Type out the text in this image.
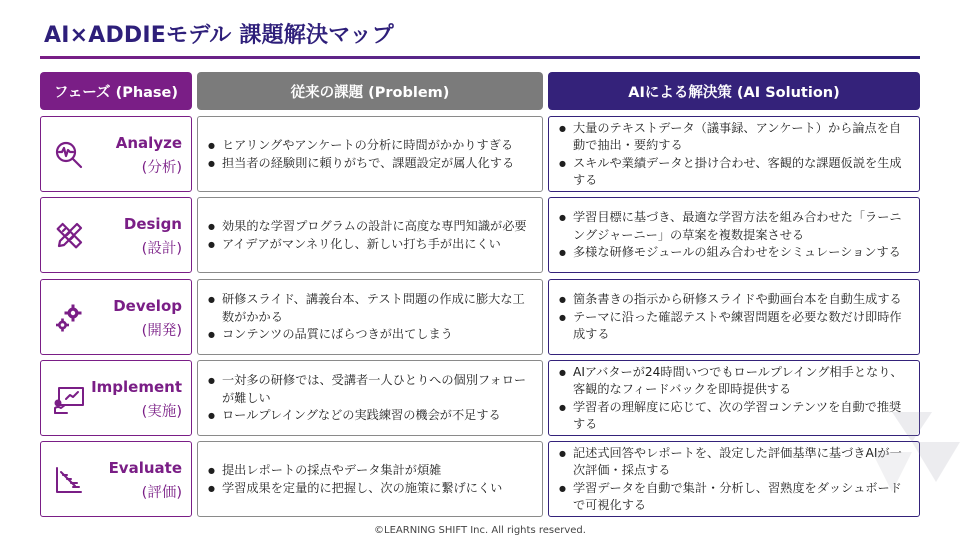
AI×ADDIEモデル 課題解決マップ
フェーズ (Phase)	従来の課題 (Problem)	AIによる解決策 (AI Solution)
Analyze
(分析)
● ヒアリングやアンケートの分析に時間がかかりすぎる
● 担当者の経験則に頼りがちで、課題設定が属人化する
● 大量のテキストデータ（議事録、アンケート）から論点を自動で抽出・要約する
● スキルや業績データと掛け合わせ、客観的な課題仮説を生成する
Design
(設計)
● 効果的な学習プログラムの設計に高度な専門知識が必要
● アイデアがマンネリ化し、新しい打ち手が出にくい
● 学習目標に基づき、最適な学習方法を組み合わせた「ラーニングジャーニー」の草案を複数提案させる
● 多様な研修モジュールの組み合わせをシミュレーションする
Develop
(開発)
● 研修スライド、講義台本、テスト問題の作成に膨大な工数がかかる
● コンテンツの品質にばらつきが出てしまう
● 箇条書きの指示から研修スライドや動画台本を自動生成する
● テーマに沿った確認テストや練習問題を必要な数だけ即時作成する
Implement
(実施)
● 一対多の研修では、受講者一人ひとりへの個別フォローが難しい
● ロールプレイングなどの実践練習の機会が不足する
● AIアバターが24時間いつでもロールプレイング相手となり、客観的なフィードバックを即時提供する
● 学習者の理解度に応じて、次の学習コンテンツを自動で推奨する
Evaluate
(評価)
● 提出レポートの採点やデータ集計が煩雑
● 学習成果を定量的に把握し、次の施策に繋げにくい
● 記述式回答やレポートを、設定した評価基準に基づきAIが一次評価・採点する
● 学習データを自動で集計・分析し、習熟度をダッシュボードで可視化する
©LEARNING SHIFT Inc. All rights reserved.
